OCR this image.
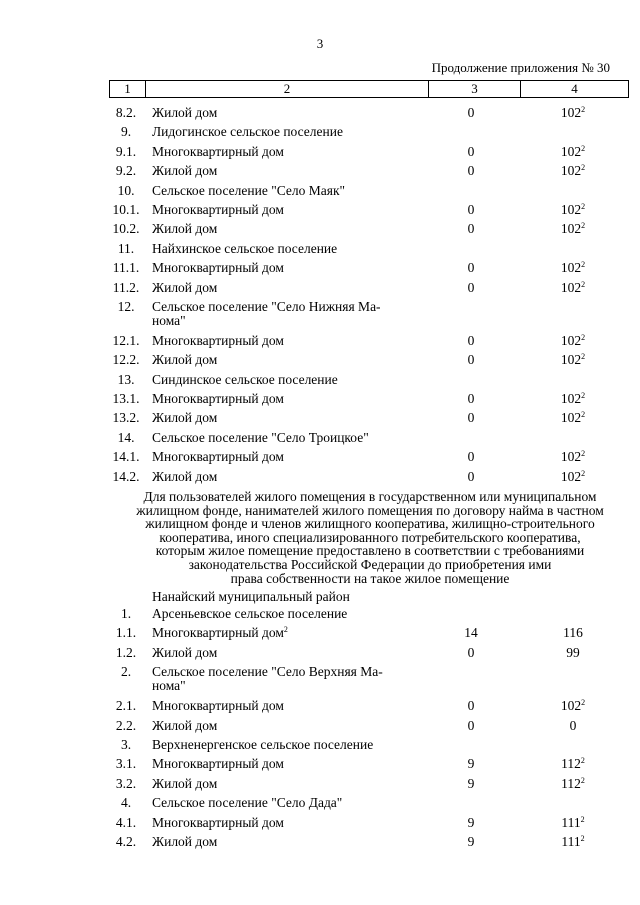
3
Продолжение приложения № 30
1	2	3	4
8.2.	Жилой дом	0	$102^2$
9.	Лидогинское сельское поселение
9.1.	Многоквартирный дом	0	$102^2$
9.2.	Жилой дом	0	$102^2$
10.	Сельское поселение "Село Маяк"
10.1. Многоквартирный дом	0	$102^2$
10.2. Жилой дом	0	$102^2$
11.	Найхинское сельское поселение
11.1. Многоквартирный дом	0	$102^2$
11.2. Жилой дом	0	$102^2$
12.	Сельское поселение "Село Нижняя Ма-
нома"
12.1. Многоквартирный дом	0	$102^2$
12.2. Жилой дом	0	$102^2$
13.	Синдинское сельское поселение
13.1. Многоквартирный дом	0	$102^2$
13.2. Жилой дом	0	$102^2$
14.	Сельское поселение "Село Троицкое"
14.1. Многоквартирный дом	0	$102^2$
14.2. Жилой дом	0	$102^2$
Для пользователей жилого помещения в государственном или муниципальном
жилищном фонде, нанимателей жилого помещения по договору найма в частном
жилищном фонде и членов жилищного кооператива, жилищно-строительного
кооператива, иного специализированного потребительского кооператива,
которым жилое помещение предоставлено в соответствии с требованиями
законодательства Российской Федерации до приобретения ими
права собственности на такое жилое помещение
Нанайский муниципальный район
1.	Арсеньевское сельское поселение
1.1.	Многоквартирный дом$^2$	14	116
1.2.	Жилой дом	0	99
2.	Сельское поселение "Село Верхняя Ма-
нома"
2.1.	Многоквартирный дом	0	$102^2$
2.2.	Жилой дом	0	0
3.	Верхненергенское сельское поселение
3.1.	Многоквартирный дом	9	$112^2$
3.2.	Жилой дом	9	$112^2$
4.	Сельское поселение "Село Дада"
4.1.	Многоквартирный дом	9	$111^2$
4.2.	Жилой дом	9	$111^2$
